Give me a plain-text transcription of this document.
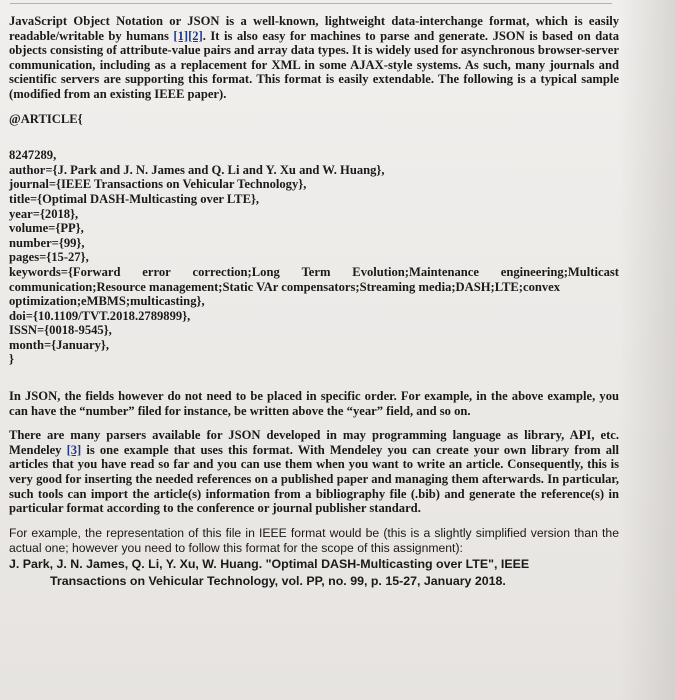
JavaScript Object Notation or JSON is a well-known, lightweight data-interchange format, which is easily readable/writable by humans [1][2]. It is also easy for machines to parse and generate. JSON is based on data objects consisting of attribute-value pairs and array data types. It is widely used for asynchronous browser-server communication, including as a replacement for XML in some AJAX-style systems. As such, many journals and scientific servers are supporting this format. This format is easily extendable. The following is a typical sample (modified from an existing IEEE paper).

@ARTICLE{

8247289,
author={J. Park and J. N. James and Q. Li and Y. Xu and W. Huang},
journal={IEEE Transactions on Vehicular Technology},
title={Optimal DASH-Multicasting over LTE},
year={2018},
volume={PP},
number={99},
pages={15-27},
keywords={Forward error correction;Long Term Evolution;Maintenance engineering;Multicast
communication;Resource management;Static VAr compensators;Streaming media;DASH;LTE;convex
optimization;eMBMS;multicasting},
doi={10.1109/TVT.2018.2789899},
ISSN={0018-9545},
month={January},
}

In JSON, the fields however do not need to be placed in specific order. For example, in the above example, you can have the “number” filed for instance, be written above the “year” field, and so on.

There are many parsers available for JSON developed in may programming language as library, API, etc. Mendeley [3] is one example that uses this format. With Mendeley you can create your own library from all articles that you have read so far and you can use them when you want to write an article. Consequently, this is very good for inserting the needed references on a published paper and managing them afterwards. In particular, such tools can import the article(s) information from a bibliography file (.bib) and generate the reference(s) in particular format according to the conference or journal publisher standard.

For example, the representation of this file in IEEE format would be (this is a slightly simplified version than the actual one; however you need to follow this format for the scope of this assignment):

J. Park, J. N. James, Q. Li, Y. Xu, W. Huang. "Optimal DASH-Multicasting over LTE", IEEE
Transactions on Vehicular Technology, vol. PP, no. 99, p. 15-27, January 2018.
